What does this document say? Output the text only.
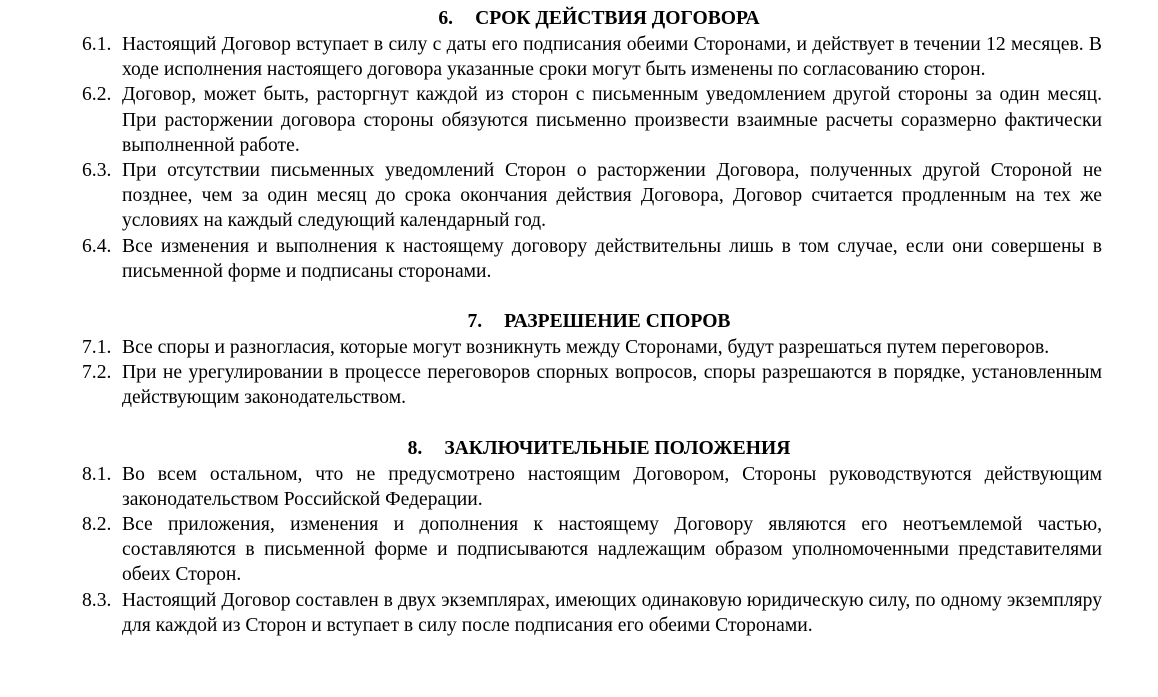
6. СРОК ДЕЙСТВИЯ ДОГОВОРА
6.1. Настоящий Договор вступает в силу с даты его подписания обеими Сторонами, и действует в течении 12 месяцев. В ходе исполнения настоящего договора указанные сроки могут быть изменены по согласованию сторон.
6.2. Договор, может быть, расторгнут каждой из сторон с письменным уведомлением другой стороны за один месяц. При расторжении договора стороны обязуются письменно произвести взаимные расчеты соразмерно фактически выполненной работе.
6.3. При отсутствии письменных уведомлений Сторон о расторжении Договора, полученных другой Стороной не позднее, чем за один месяц до срока окончания действия Договора, Договор считается продленным на тех же условиях на каждый следующий календарный год.
6.4. Все изменения и выполнения к настоящему договору действительны лишь в том случае, если они совершены в письменной форме и подписаны сторонами.
7. РАЗРЕШЕНИЕ СПОРОВ
7.1. Все споры и разногласия, которые могут возникнуть между Сторонами, будут разрешаться путем переговоров.
7.2. При не урегулировании в процессе переговоров спорных вопросов, споры разрешаются в порядке, установленным действующим законодательством.
8. ЗАКЛЮЧИТЕЛЬНЫЕ ПОЛОЖЕНИЯ
8.1. Во всем остальном, что не предусмотрено настоящим Договором, Стороны руководствуются действующим законодательством Российской Федерации.
8.2. Все приложения, изменения и дополнения к настоящему Договору являются его неотъемлемой частью, составляются в письменной форме и подписываются надлежащим образом уполномоченными представителями обеих Сторон.
8.3. Настоящий Договор составлен в двух экземплярах, имеющих одинаковую юридическую силу, по одному экземпляру для каждой из Сторон и вступает в силу после подписания его обеими Сторонами.
